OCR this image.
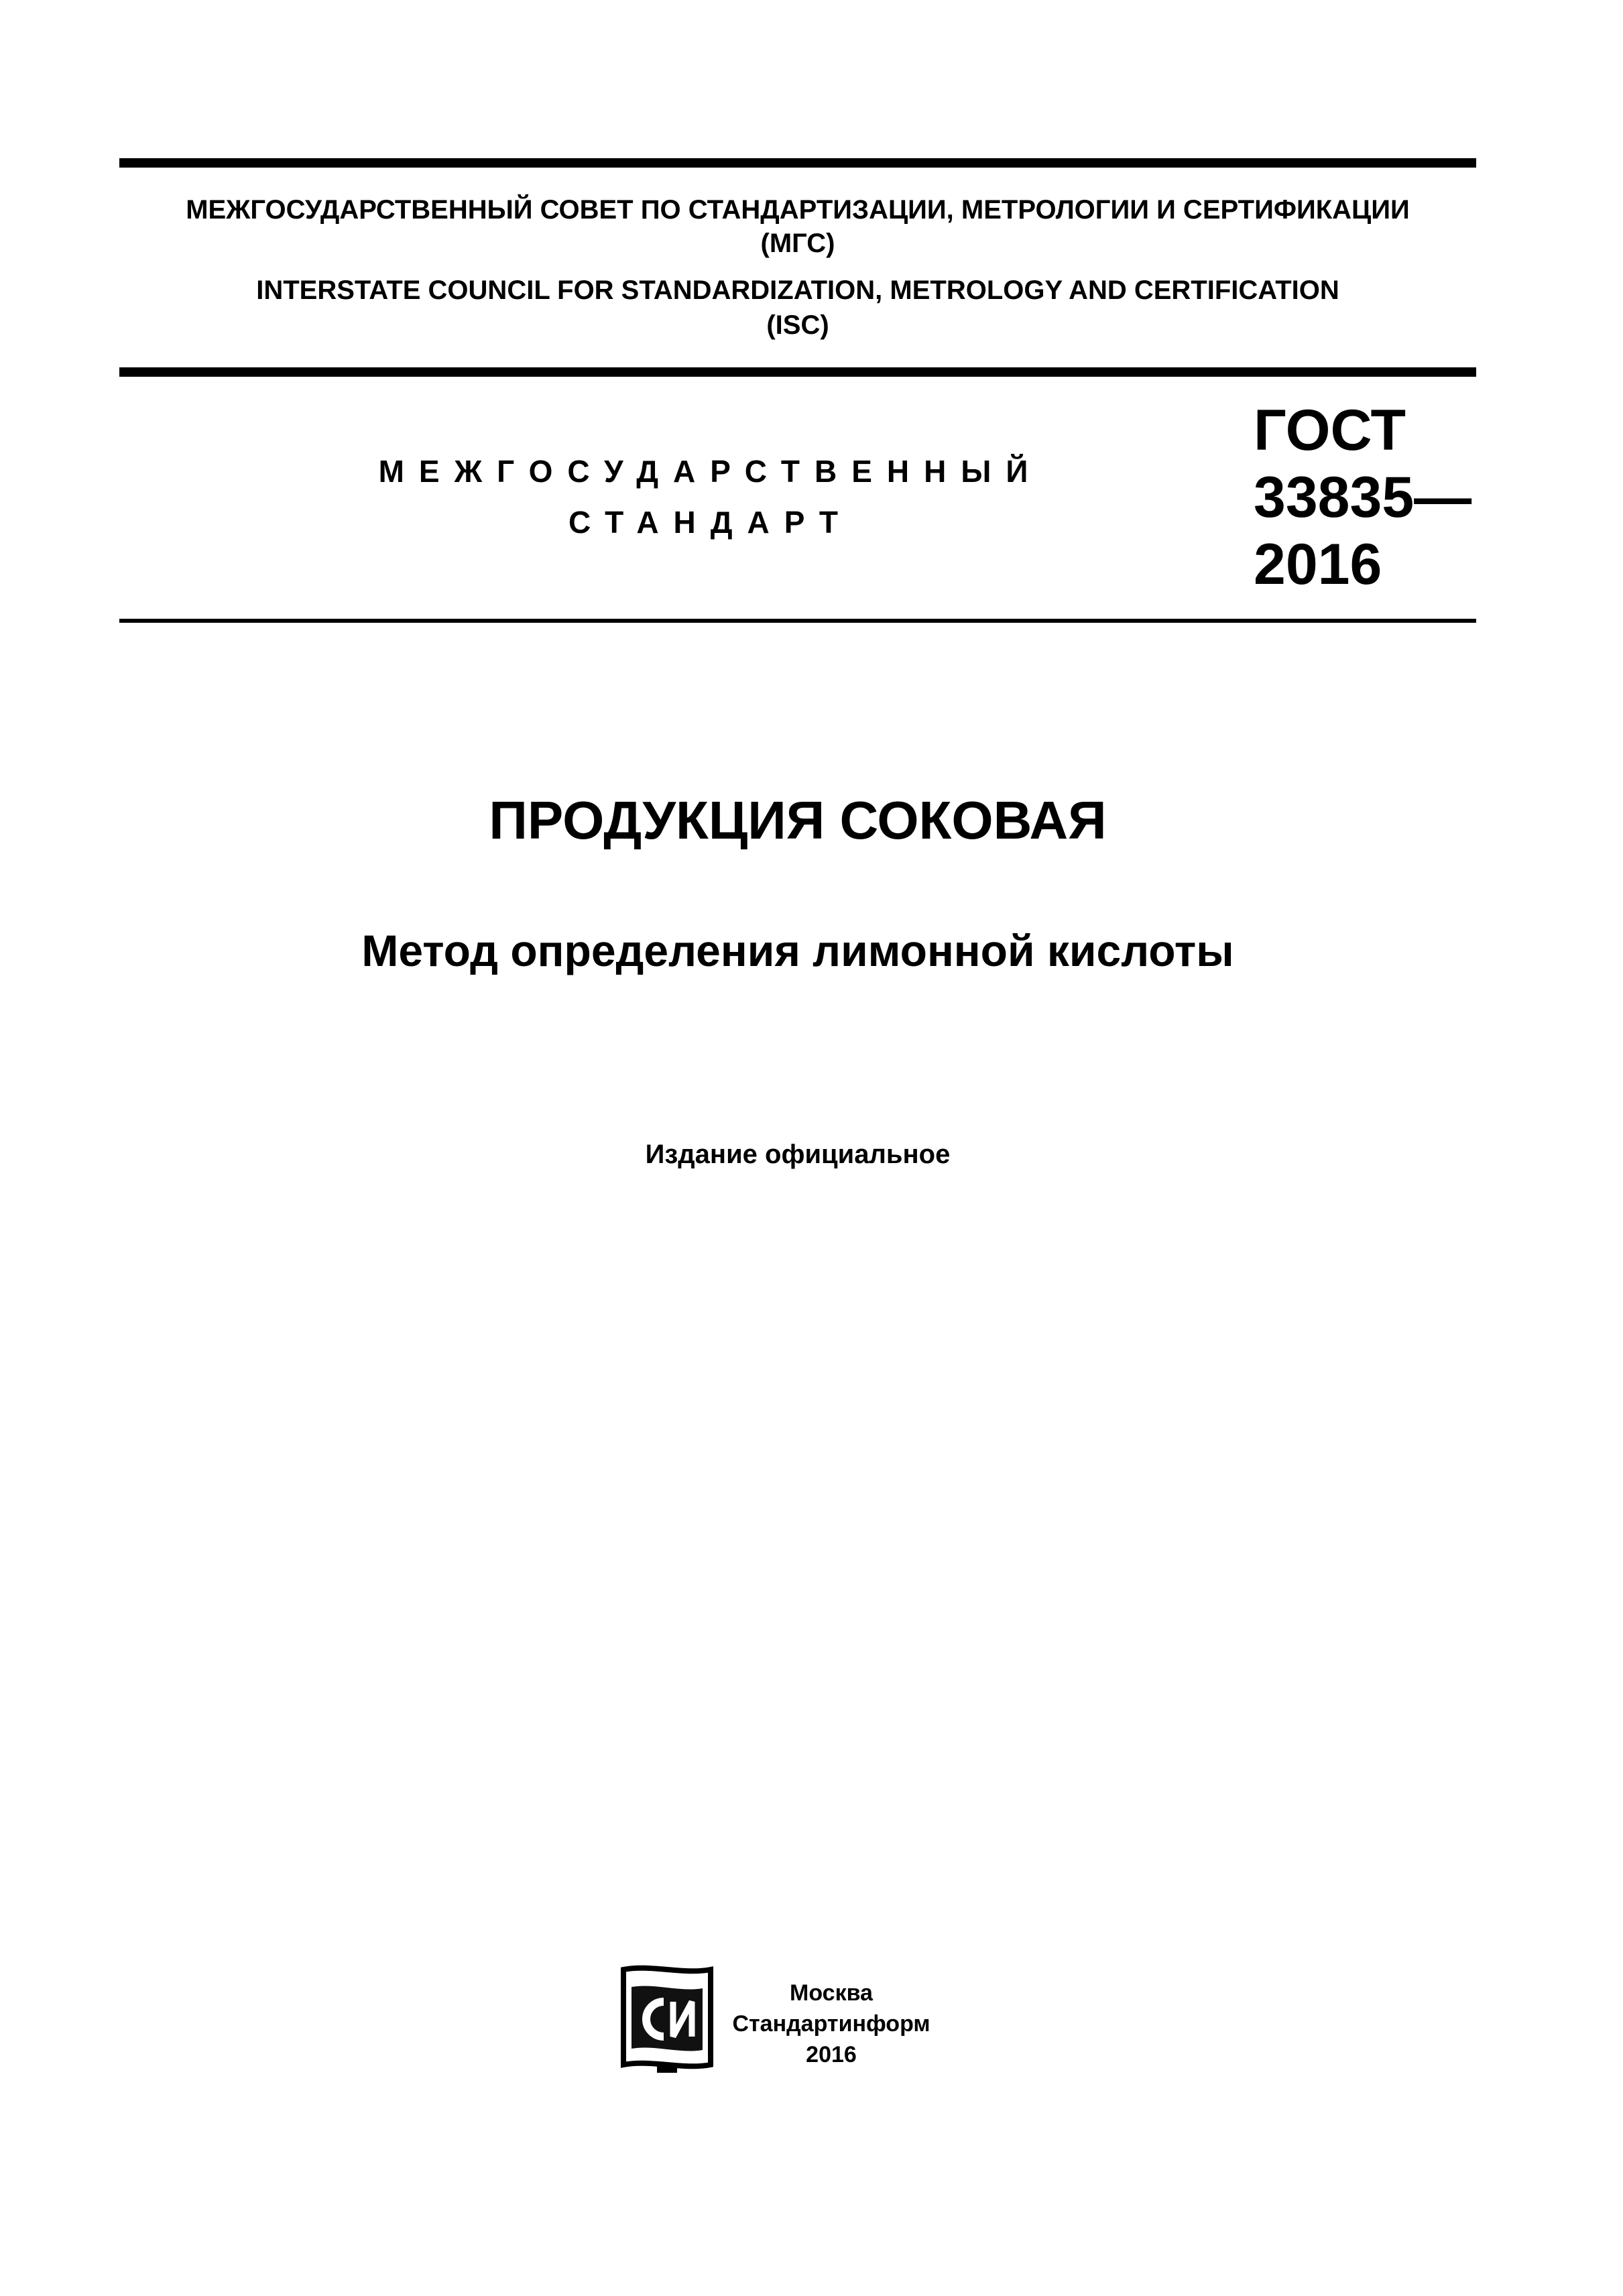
МЕЖГОСУДАРСТВЕННЫЙ СОВЕТ ПО СТАНДАРТИЗАЦИИ, МЕТРОЛОГИИ И СЕРТИФИКАЦИИ
(МГС)
INTERSTATE COUNCIL FOR STANDARDIZATION, METROLOGY AND CERTIFICATION
(ISC)
МЕЖГОСУДАРСТВЕННЫЙ
СТАНДАРТ
ГОСТ
33835—
2016
ПРОДУКЦИЯ СОКОВАЯ
Метод определения лимонной кислоты
Издание официальное
Москва
Стандартинформ
2016
